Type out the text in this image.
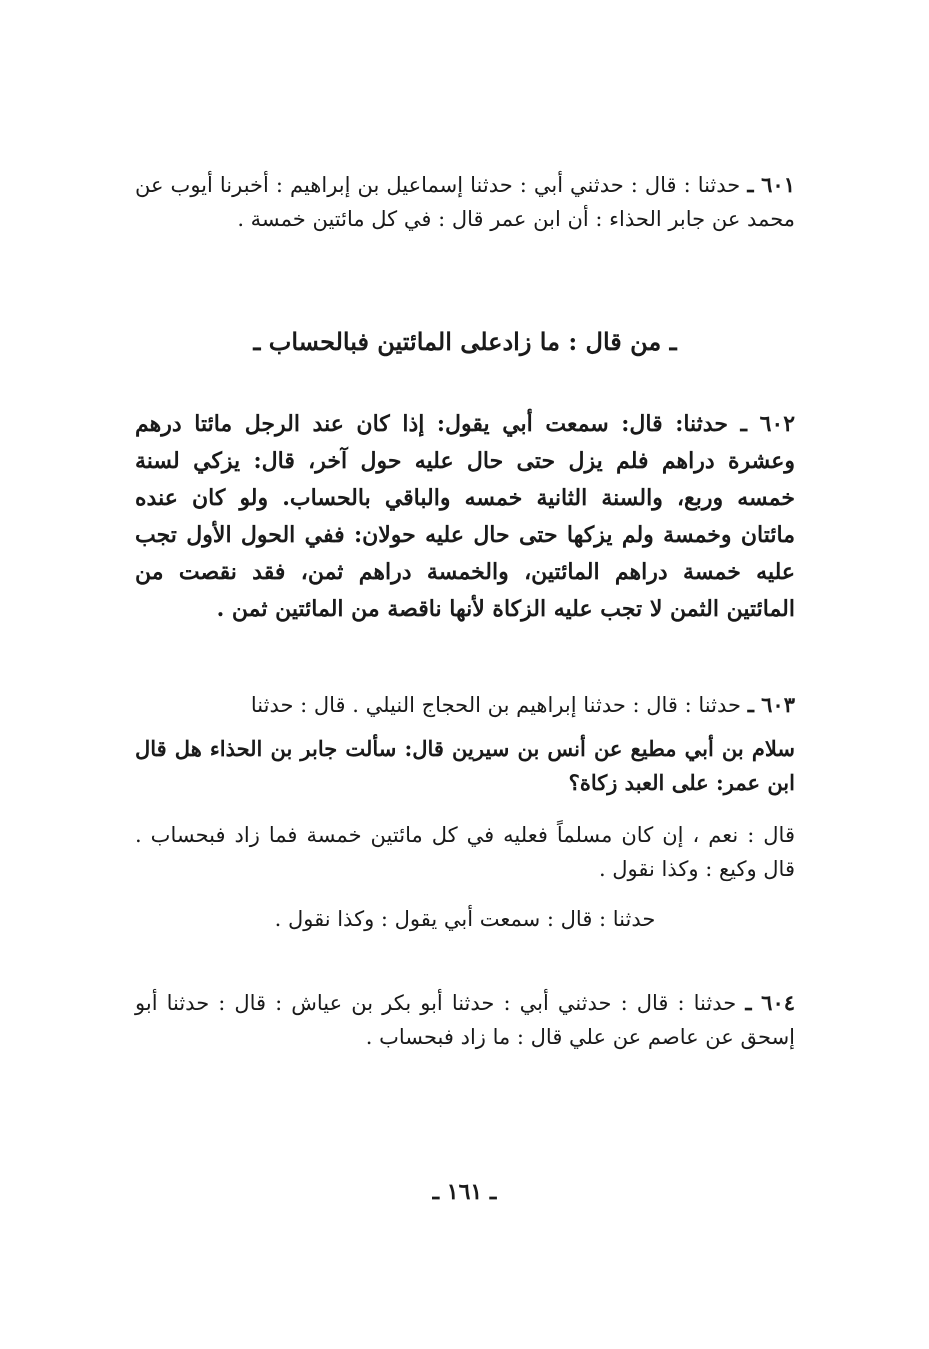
٦٠١ ـ حدثنا : قال : حدثني أبي : حدثنا إسماعيل بن إبراهيم : أخبرنا أيوب عن محمد عن جابر الحذاء : أن ابن عمر قال : في كل مائتين خمسة .

ـ من قال : ما زادعلى المائتين فبالحساب ـ

٦٠٢ ـ حدثنا: قال: سمعت أبي يقول: إذا كان عند الرجل مائتا درهم وعشرة دراهم فلم يزل حتى حال عليه حول آخر، قال: يزكي لسنة خمسه وربع، والسنة الثانية خمسه والباقي بالحساب. ولو كان عنده مائتان وخمسة ولم يزكها حتى حال عليه حولان: ففي الحول الأول تجب عليه خمسة دراهم المائتين، والخمسة دراهم ثمن، فقد نقصت من المائتين الثمن لا تجب عليه الزكاة لأنها ناقصة من المائتين ثمن .

٦٠٣ ـ حدثنا : قال : حدثنا إبراهيم بن الحجاج النيلي . قال : حدثنا

سلام بن أبي مطيع عن أنس بن سيرين قال: سألت جابر بن الحذاء هل قال ابن عمر: على العبد زكاة؟

قال : نعم ، إن كان مسلماً فعليه في كل مائتين خمسة فما زاد فبحساب . قال وكيع : وكذا نقول .

حدثنا : قال : سمعت أبي يقول : وكذا نقول .

٦٠٤ ـ حدثنا : قال : حدثني أبي : حدثنا أبو بكر بن عياش : قال : حدثنا أبو إسحق عن عاصم عن علي قال : ما زاد فبحساب .

ـ ١٦١ ـ
